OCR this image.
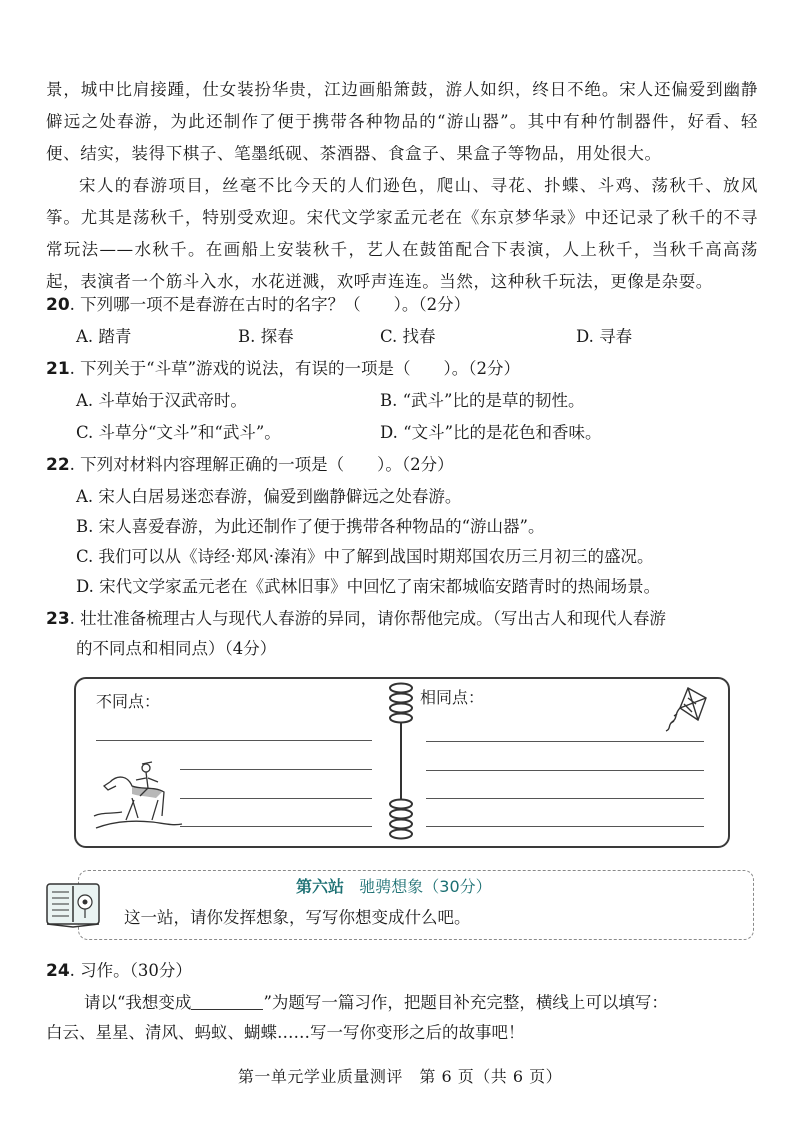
景，城中比肩接踵，仕女装扮华贵，江边画船箫鼓，游人如织，终日不绝。宋人还偏爱到幽静僻远之处春游，为此还制作了便于携带各种物品的“游山器”。其中有种竹制器件，好看、轻便、结实，装得下棋子、笔墨纸砚、茶酒器、食盒子、果盒子等物品，用处很大。

宋人的春游项目，丝毫不比今天的人们逊色，爬山、寻花、扑蝶、斗鸡、荡秋千、放风筝。尤其是荡秋千，特别受欢迎。宋代文学家孟元老在《东京梦华录》中还记录了秋千的不寻常玩法——水秋千。在画船上安装秋千，艺人在鼓笛配合下表演，人上秋千，当秋千高高荡起，表演者一个筋斗入水，水花迸溅，欢呼声连连。当然，这种秋千玩法，更像是杂耍。

20. 下列哪一项不是春游在古时的名字？（　　）。（2分）
A. 踏青	B. 探春	C. 找春	D. 寻春
21. 下列关于“斗草”游戏的说法，有误的一项是（　　）。（2分）
A. 斗草始于汉武帝时。	B. “武斗”比的是草的韧性。
C. 斗草分“文斗”和“武斗”。	D. “文斗”比的是花色和香味。
22. 下列对材料内容理解正确的一项是（　　）。（2分）
A. 宋人白居易迷恋春游，偏爱到幽静僻远之处春游。
B. 宋人喜爱春游，为此还制作了便于携带各种物品的“游山器”。
C. 我们可以从《诗经·郑风·溱洧》中了解到战国时期郑国农历三月初三的盛况。
D. 宋代文学家孟元老在《武林旧事》中回忆了南宋都城临安踏青时的热闹场景。
23. 壮壮准备梳理古人与现代人春游的异同，请你帮他完成。（写出古人和现代人春游
的不同点和相同点）（4分）
不同点：	相同点：
第六站 驰骋想象（30分）
这一站，请你发挥想象，写写你想变成什么吧。
24. 习作。（30分）
请以“我想变成	”为题写一篇习作，把题目补充完整，横线上可以填写：
白云、星星、清风、蚂蚁、蝴蝶……写一写你变形之后的故事吧！
第一单元学业质量测评　第 6 页（共 6 页）
